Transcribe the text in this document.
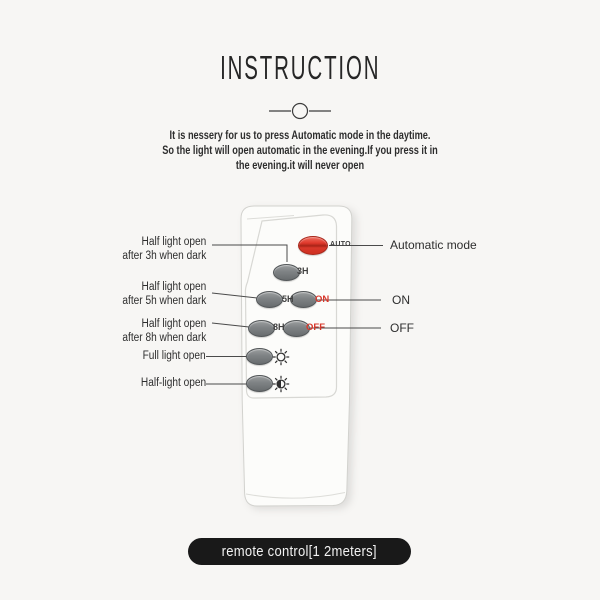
INSTRUCTION
It is nessery for us to press Automatic mode in the daytime.
So the light will open automatic in the evening.If you press it in
the evening.it will never open
AUTO
3H
5H
8H
ON
OFF
Half light open
after 3h when dark
Half light open
after 5h when dark
Half light open
after 8h when dark
Full light open
Half-light open
Automatic mode
ON
OFF
remote control[1 2meters]
